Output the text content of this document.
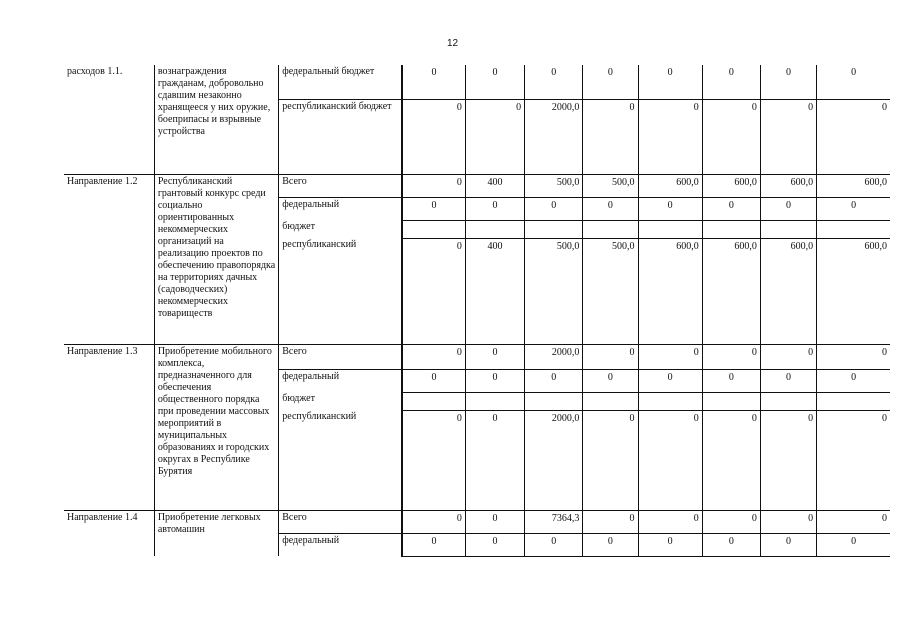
12
расходов 1.1.	вознаграждения гражданам, добровольно сдавшим незаконно хранящееся у них оружие, боеприпасы и взрывные устройства	федеральный бюджет	0	0	0	0	0	0	0	0
		республиканский бюджет	0	0	2000,0	0	0	0	0	0
Направление 1.2	Республиканский грантовый конкурс среди социально ориентированных некоммерческих организаций на реализацию проектов по обеспечению правопорядка на территориях дачных (садоводческих) некоммерческих товариществ	Всего	0	400	500,0	500,0	600,0	600,0	600,0	600,0
		федеральный	0	0	0	0	0	0	0	0
		бюджет								
		республиканский	0	400	500,0	500,0	600,0	600,0	600,0	600,0
Направление 1.3	Приобретение мобильного комплекса, предназначенного для обеспечения общественного порядка при проведении массовых мероприятий в муниципальных образованиях и городских округах в Республике Бурятия	Всего	0	0	2000,0	0	0	0	0	0
		федеральный	0	0	0	0	0	0	0	0
		бюджет								
		республиканский	0	0	2000,0	0	0	0	0	0
Направление 1.4	Приобретение легковых автомашин	Всего	0	0	7364,3	0	0	0	0	0
		федеральный	0	0	0	0	0	0	0	0
